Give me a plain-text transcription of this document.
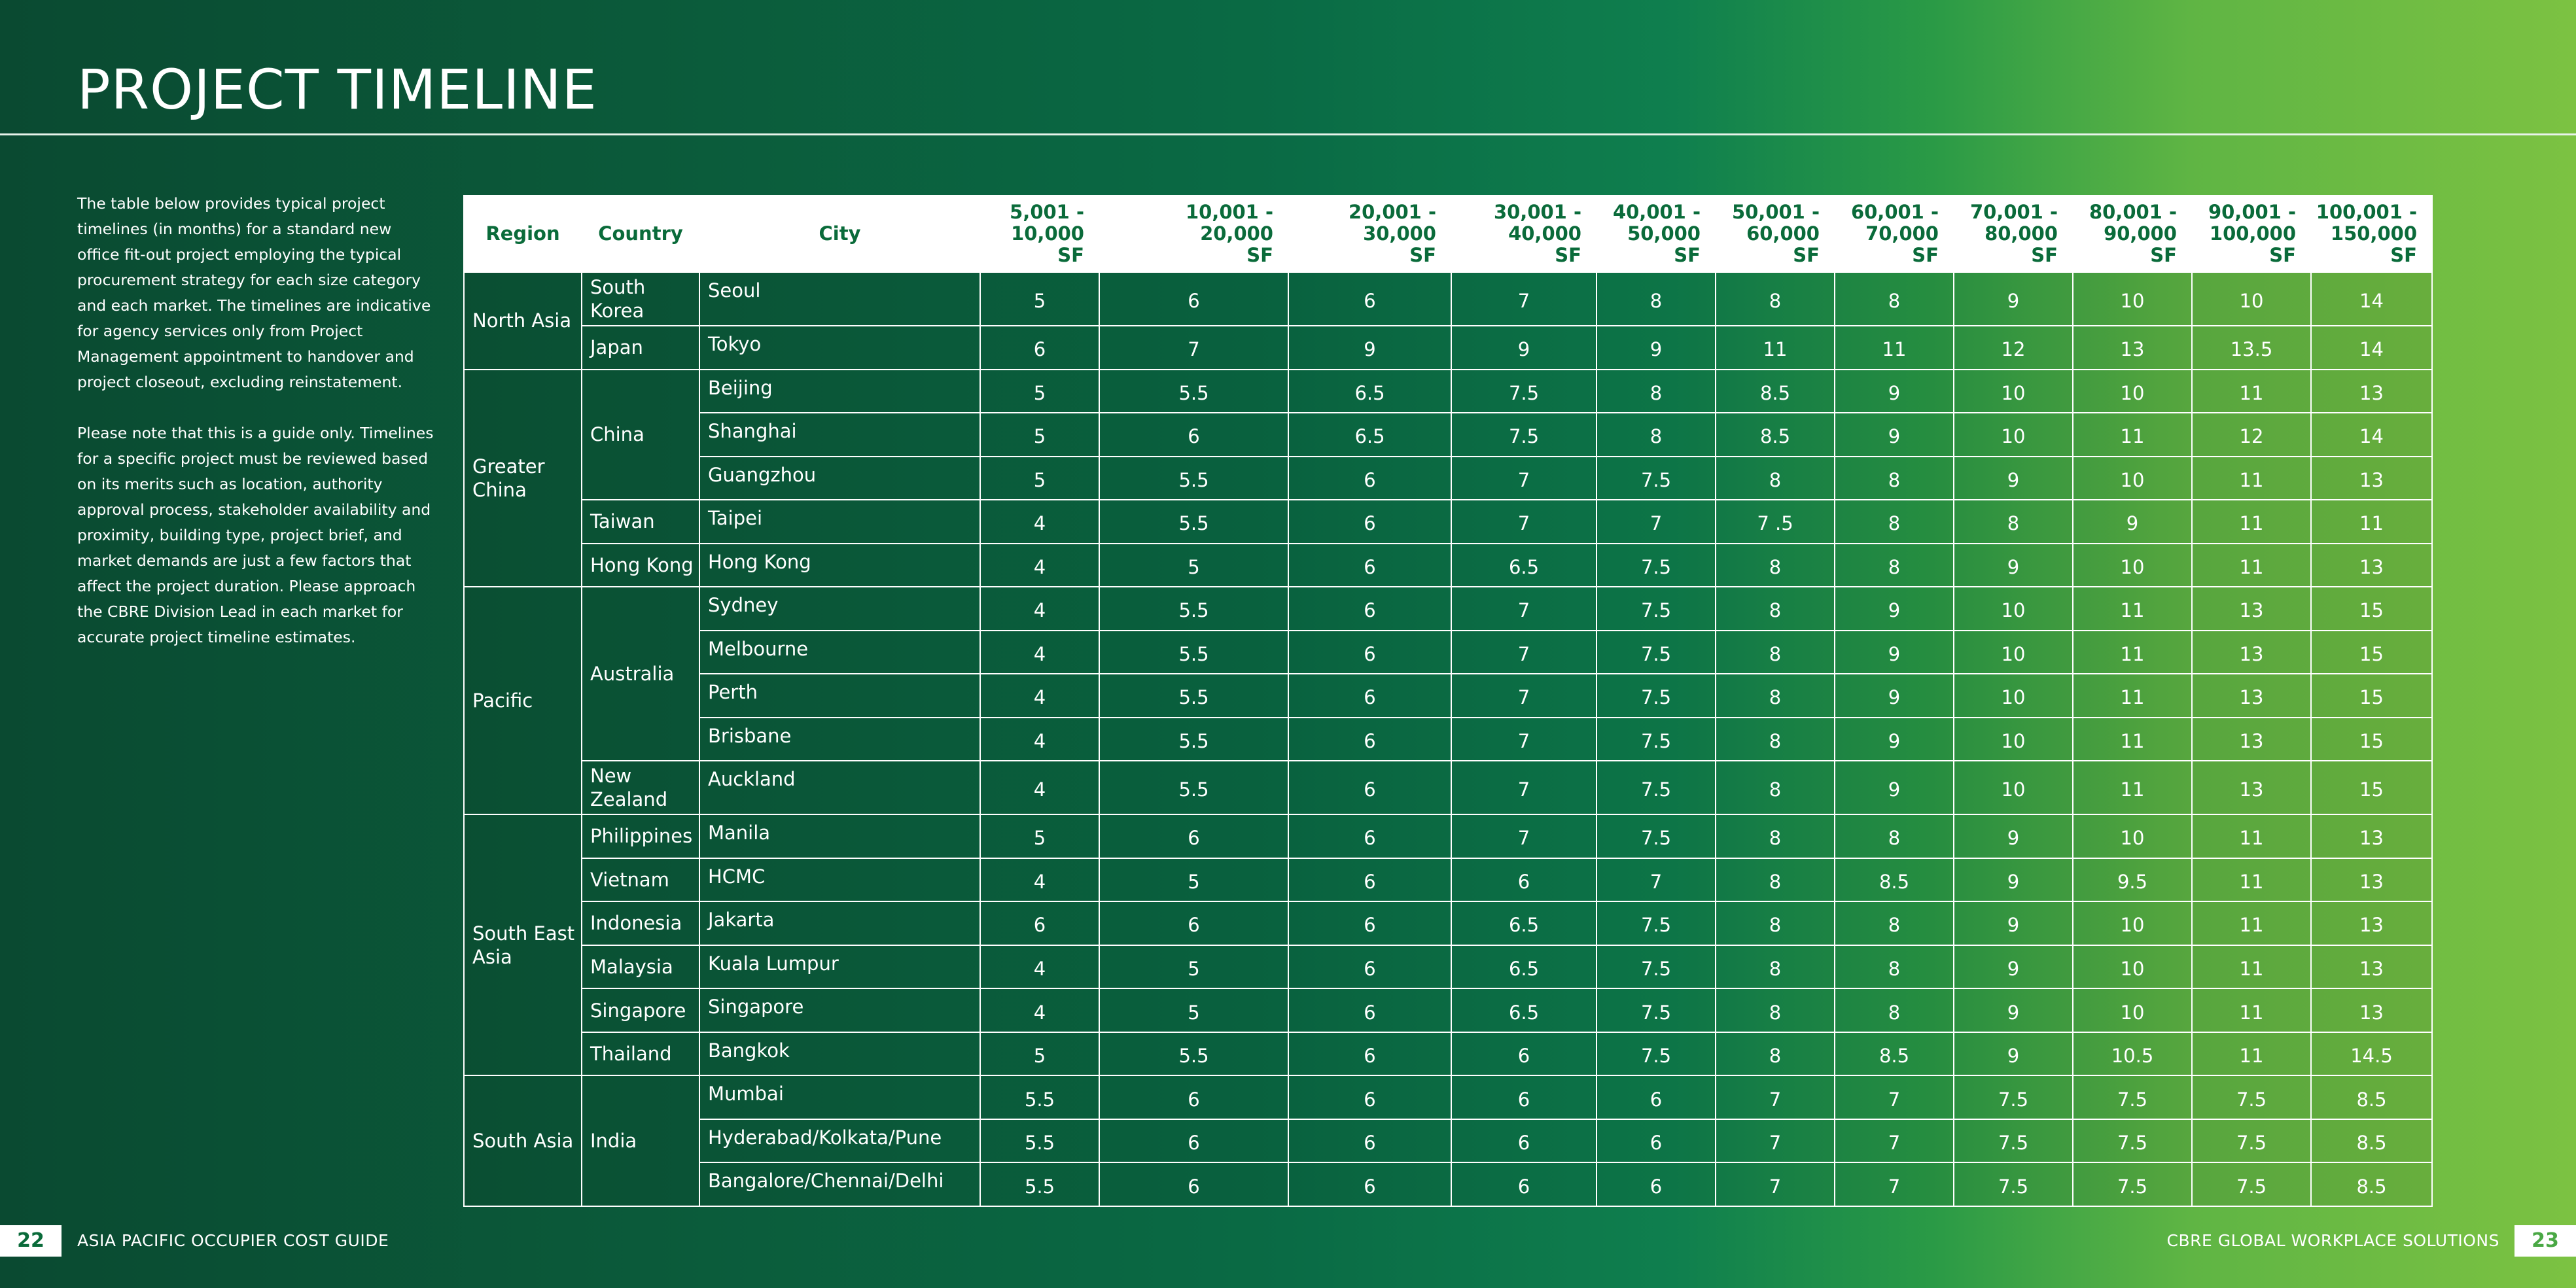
PROJECT TIMELINE

The table below provides typical project timelines (in months) for a standard new office fit-out project employing the typical procurement strategy for each size category and each market. The timelines are indicative for agency services only from Project Management appointment to handover and project closeout, excluding reinstatement.

Please note that this is a guide only. Timelines for a specific project must be reviewed based on its merits such as location, authority approval process, stakeholder availability and proximity, building type, project brief, and market demands are just a few factors that affect the project duration. Please approach the CBRE Division Lead in each market for accurate project timeline estimates.

Region	Country	City	5,001 -
10,000
SF	10,001 -
20,000
SF	20,001 -
30,000
SF	30,001 -
40,000
SF	40,001 -
50,000
SF	50,001 -
60,000
SF	60,001 -
70,000
SF	70,001 -
80,000
SF	80,001 -
90,000
SF	90,001 -
100,000
SF	100,001 -
150,000
SF
North Asia	South Korea	Seoul	5	6	6	7	8	8	8	9	10	10	14
	Japan	Tokyo	6	7	9	9	9	11	11	12	13	13.5	14
Greater China	China	Beijing	5	5.5	6.5	7.5	8	8.5	9	10	10	11	13
		Shanghai	5	6	6.5	7.5	8	8.5	9	10	11	12	14
		Guangzhou	5	5.5	6	7	7.5	8	8	9	10	11	13
	Taiwan	Taipei	4	5.5	6	7	7	7 .5	8	8	9	11	11
	Hong Kong	Hong Kong	4	5	6	6.5	7.5	8	8	9	10	11	13
Pacific	Australia	Sydney	4	5.5	6	7	7.5	8	9	10	11	13	15
		Melbourne	4	5.5	6	7	7.5	8	9	10	11	13	15
		Perth	4	5.5	6	7	7.5	8	9	10	11	13	15
		Brisbane	4	5.5	6	7	7.5	8	9	10	11	13	15
	New Zealand	Auckland	4	5.5	6	7	7.5	8	9	10	11	13	15
South East Asia	Philippines	Manila	5	6	6	7	7.5	8	8	9	10	11	13
	Vietnam	HCMC	4	5	6	6	7	8	8.5	9	9.5	11	13
	Indonesia	Jakarta	6	6	6	6.5	7.5	8	8	9	10	11	13
	Malaysia	Kuala Lumpur	4	5	6	6.5	7.5	8	8	9	10	11	13
	Singapore	Singapore	4	5	6	6.5	7.5	8	8	9	10	11	13
	Thailand	Bangkok	5	5.5	6	6	7.5	8	8.5	9	10.5	11	14.5
South Asia	India	Mumbai	5.5	6	6	6	6	7	7	7.5	7.5	7.5	8.5
		Hyderabad/Kolkata/Pune	5.5	6	6	6	6	7	7	7.5	7.5	7.5	8.5
		Bangalore/Chennai/Delhi	5.5	6	6	6	6	7	7	7.5	7.5	7.5	8.5
22	ASIA PACIFIC OCCUPIER COST GUIDE	CBRE GLOBAL WORKPLACE SOLUTIONS	23
